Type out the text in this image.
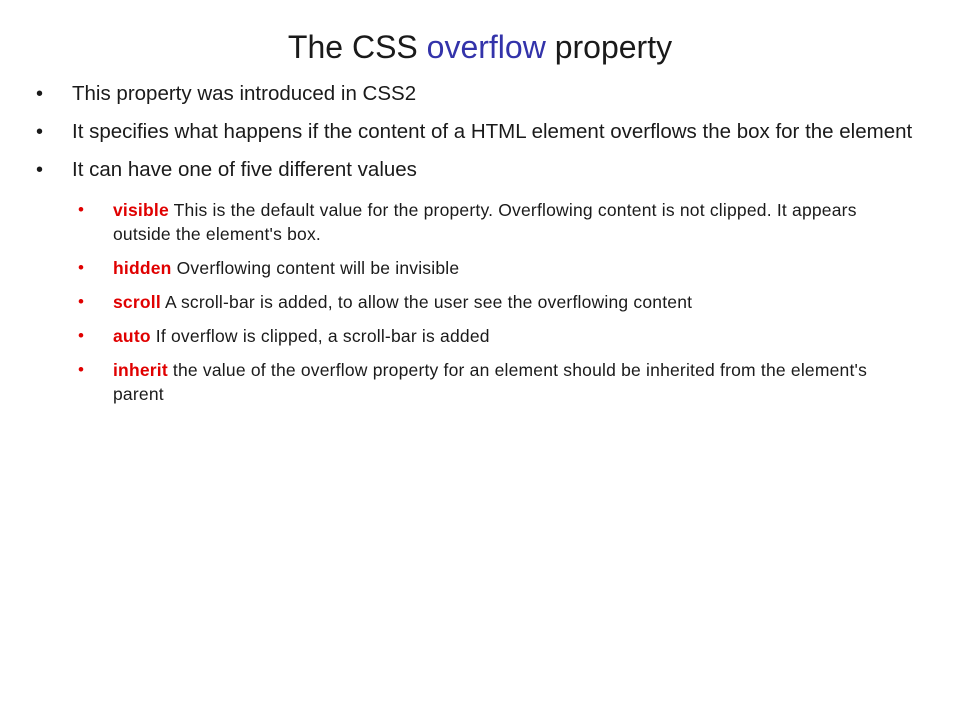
The CSS overflow property
•	This property was introduced in CSS2
•	It specifies what happens if the content of a HTML element overflows the box for the element
•	It can have one of five different values
• visible This is the default value for the property. Overflowing content is not clipped. It appears outside the element's box.
• hidden Overflowing content will be invisible
• scroll A scroll-bar is added, to allow the user see the overflowing content
• auto If overflow is clipped, a scroll-bar is added
• inherit the value of the overflow property for an element should be inherited from the element's parent
